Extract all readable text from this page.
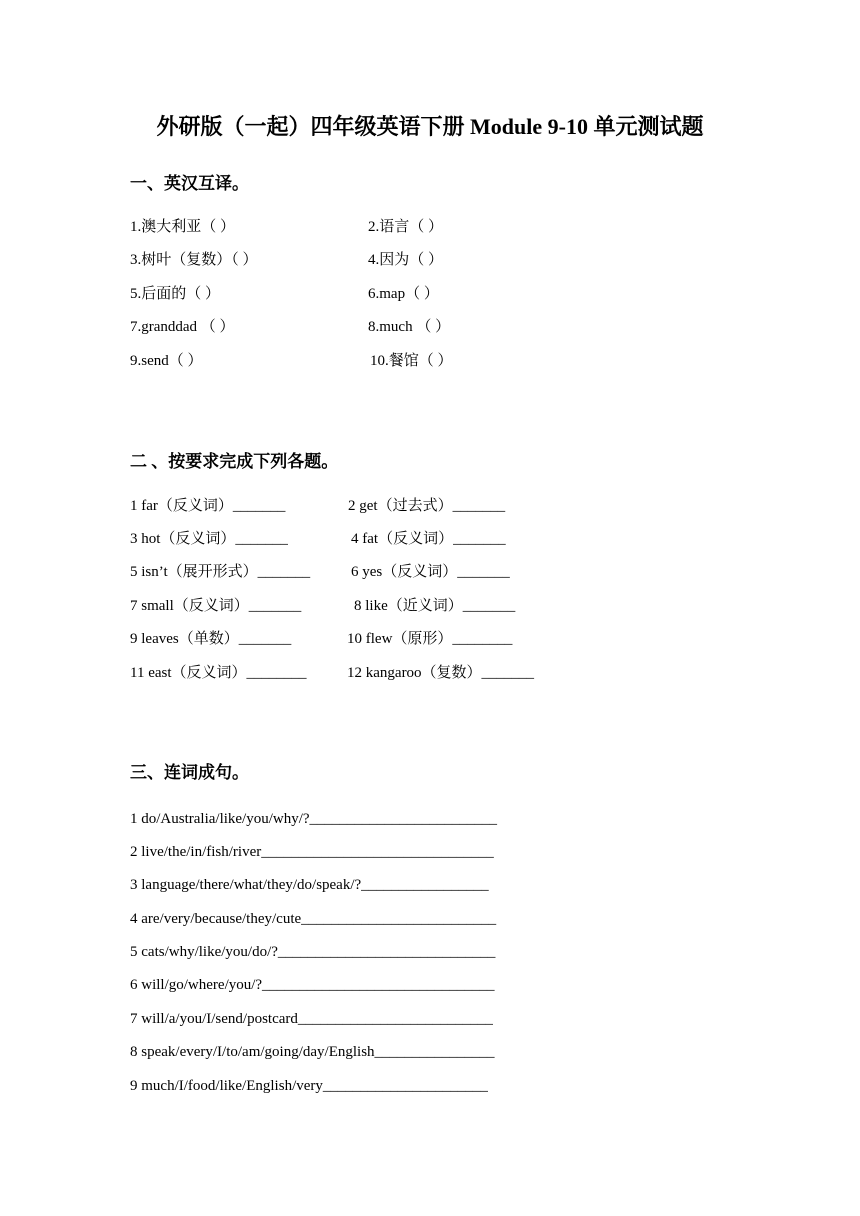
外研版（一起）四年级英语下册 Module 9-10 单元测试题
一、英汉互译。
1.澳大利亚（ ）	2.语言（ ）
3.树叶（复数）（ ）	4.因为（ ）
5.后面的（ ）	6.map（ ）
7.granddad （ ）	8.much （ ）
9.send（ ）	10.餐馆（ ）
二 、按要求完成下列各题。
1 far（反义词）_______	2 get（过去式）_______
3 hot（反义词）_______	4 fat（反义词）_______
5 isn’t（展开形式）_______	6 yes（反义词）_______
7 small（反义词）_______	8 like（近义词）_______
9 leaves（单数）_______	10 flew（原形）________
11 east（反义词）________	12 kangaroo（复数）_______
三、连词成句。
1 do/Australia/like/you/why/?_________________________
2 live/the/in/fish/river_______________________________
3 language/there/what/they/do/speak/?_________________
4 are/very/because/they/cute__________________________
5 cats/why/like/you/do/?_____________________________
6 will/go/where/you/?_______________________________
7 will/a/you/I/send/postcard__________________________
8 speak/every/I/to/am/going/day/English________________
9 much/I/food/like/English/very______________________
